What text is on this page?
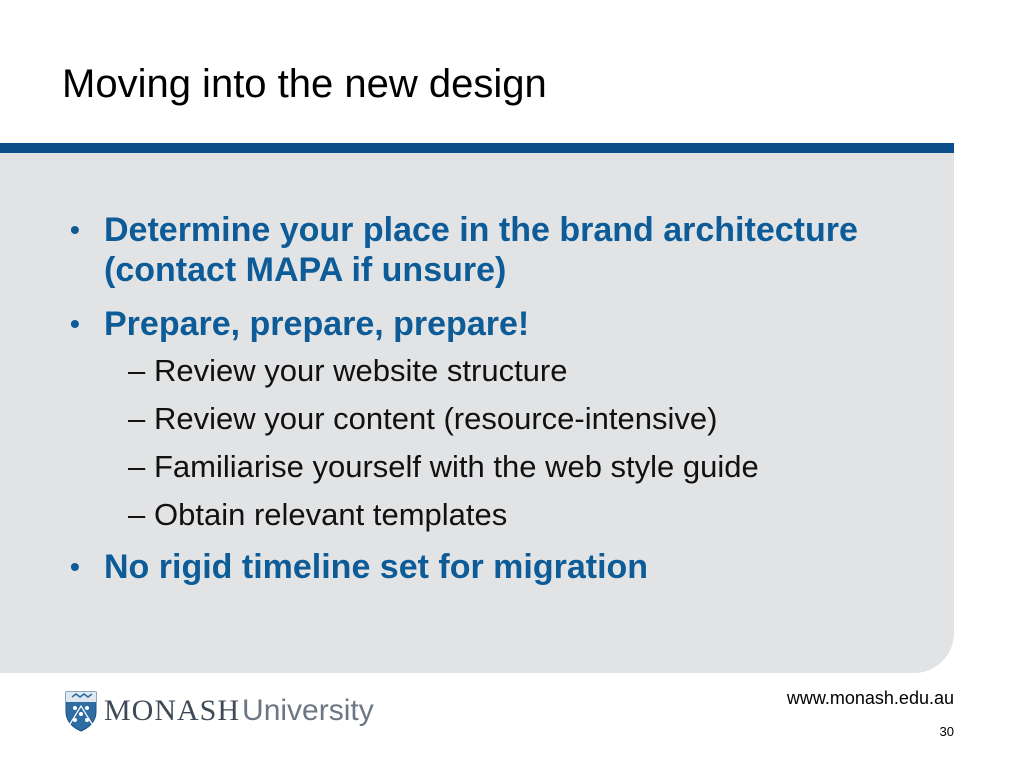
Moving into the new design
• Determine your place in the brand architecture (contact MAPA if unsure)
• Prepare, prepare, prepare!
– Review your website structure
– Review your content (resource-intensive)
– Familiarise yourself with the web style guide
– Obtain relevant templates
• No rigid timeline set for migration
MONASH University	www.monash.edu.au
30
